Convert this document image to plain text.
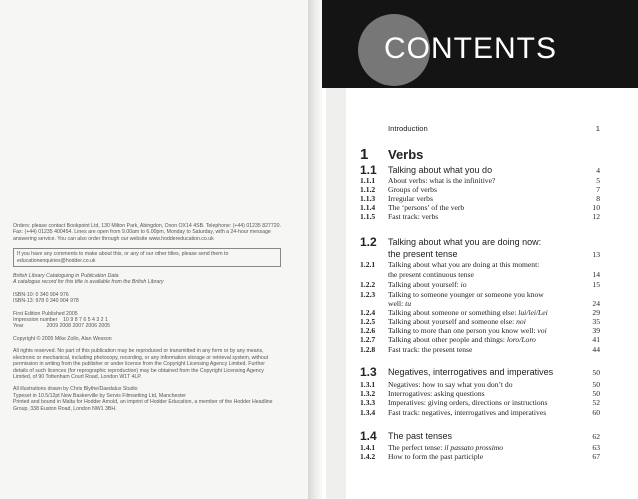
Orders: please contact Bookpoint Ltd, 130 Milton Park, Abingdon, Oxon OX14 4SB. Telephone: (+44) 01235 827720. Fax: (+44) 01235 400454. Lines are open from 9.00am to 6.00pm, Monday to Saturday, with a 24-hour message answering service. You can also order through our website www.hoddereducation.co.uk

If you have any comments to make about this, or any of our other titles, please send them to educationenquiries@hodder.co.uk

British Library Cataloguing in Publication Data
A catalogue record for this title is available from the British Library

ISBN-10: 0 340 904 976
ISBN-13: 978 0 340 904 978

First Edition Published 2005
Impression number    10 9 8 7 6 5 4 3 2 1
Year                2009 2008 2007 2006 2005

Copyright © 2005 Mike Zollo, Alan Wesson

All rights reserved. No part of this publication may be reproduced or transmitted in any form or by any means, electronic or mechanical, including photocopy, recording, or any information storage or retrieval system, without permission in writing from the publisher or under licence from the Copyright Licensing Agency Limited. Further details of such licences (for reprographic reproduction) may be obtained from the Copyright Licensing Agency Limited, of 90 Tottenham Court Road, London W1T 4LP.

All illustrations drawn by Chris Blythe/Daedalus Studio
Typeset in 10.5/12pt New Baskerville by Servis Filmsetting Ltd, Manchester
Printed and bound in Malta for Hodder Arnold, an imprint of Hodder Education, a member of the Hodder Headline Group, 338 Euston Road, London NW1 3BH.

CONTENTS
Introduction	1
1	Verbs
1.1	Talking about what you do	4
1.1.1	About verbs: what is the infinitive?	5
1.1.2	Groups of verbs	7
1.1.3	Irregular verbs	8
1.1.4	The ‘persons’ of the verb	10
1.1.5	Fast track: verbs	12
1.2	Talking about what you are doing now:
the present tense	13
1.2.1	Talking about what you are doing at this moment:
the present continuous tense	14
1.2.2	Talking about yourself: io	15
1.2.3	Talking to someone younger or someone you know
well: tu	24
1.2.4	Talking about someone or something else: lui/lei/Lei	29
1.2.5	Talking about yourself and someone else: noi	35
1.2.6	Talking to more than one person you know well: voi	39
1.2.7	Talking about other people and things: loro/Loro	41
1.2.8	Fast track: the present tense	44
1.3	Negatives, interrogatives and imperatives	50
1.3.1	Negatives: how to say what you don’t do	50
1.3.2	Interrogatives: asking questions	50
1.3.3	Imperatives: giving orders, directions or instructions	52
1.3.4	Fast track: negatives, interrogatives and imperatives	60
1.4	The past tenses	62
1.4.1	The perfect tense: il passato prossimo	63
1.4.2	How to form the past participle	67
